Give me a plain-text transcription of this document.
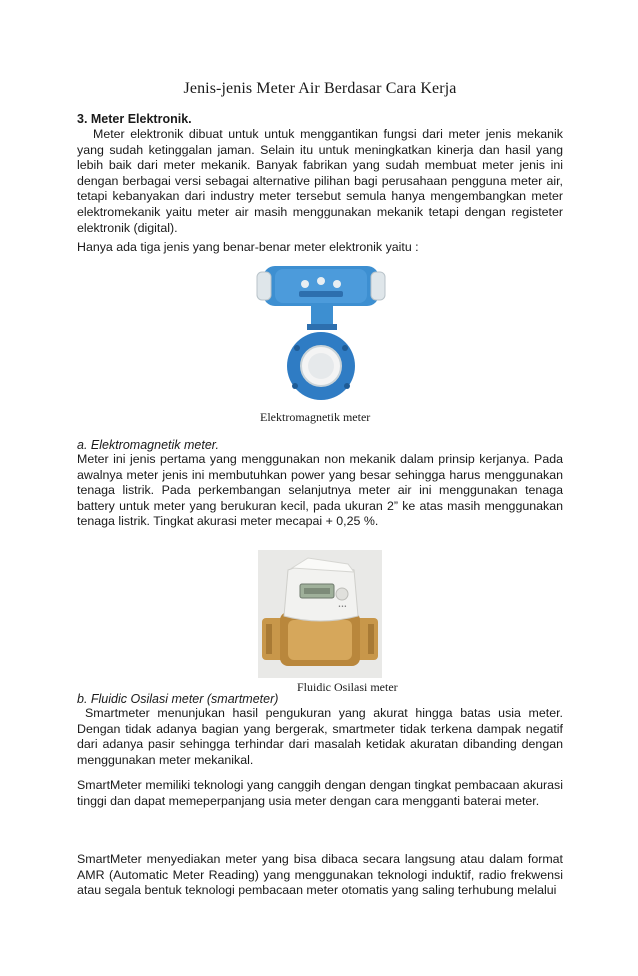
Jenis-jenis Meter Air Berdasar Cara Kerja
3. Meter Elektronik.

Meter elektronik dibuat untuk untuk menggantikan fungsi dari meter jenis mekanik yang sudah ketinggalan jaman. Selain itu untuk meningkatkan kinerja dan hasil yang lebih baik dari meter mekanik. Banyak fabrikan yang sudah membuat meter jenis ini dengan berbagai versi sebagai alternative pilihan bagi perusahaan pengguna meter air, tetapi kebanyakan dari industry meter tersebut semula hanya mengembangkan meter elektromekanik yaitu meter air masih menggunakan mekanik tetapi dengan registeter elektronik (digital).

Hanya ada tiga jenis yang benar-benar meter elektronik yaitu :

Elektromagnetik meter
a. Elektromagnetik meter.

Meter ini jenis pertama yang menggunakan non mekanik dalam prinsip kerjanya. Pada awalnya meter jenis ini membutuhkan power yang besar sehingga harus menggunakan tenaga listrik. Pada perkembangan selanjutnya meter air ini menggunakan tenaga battery untuk meter yang berukuran kecil, pada ukuran 2” ke atas masih menggunakan tenaga listrik. Tingkat akurasi meter mecapai + 0,25 %.

•••
Fluidic Osilasi meter
b. Fluidic Osilasi meter (smartmeter)

Smartmeter menunjukan hasil pengukuran yang akurat hingga batas usia meter. Dengan tidak adanya bagian yang bergerak, smartmeter tidak terkena dampak negatif dari adanya pasir sehingga terhindar dari masalah ketidak akuratan dibanding dengan menggunakan meter mekanikal.

SmartMeter memiliki teknologi yang canggih dengan dengan tingkat pembacaan akurasi tinggi dan dapat memeperpanjang usia meter dengan cara mengganti baterai meter.

SmartMeter menyediakan meter yang bisa dibaca secara langsung atau dalam format AMR (Automatic Meter Reading) yang menggunakan teknologi induktif, radio frekwensi atau segala bentuk teknologi pembacaan meter otomatis yang saling terhubung melalui
